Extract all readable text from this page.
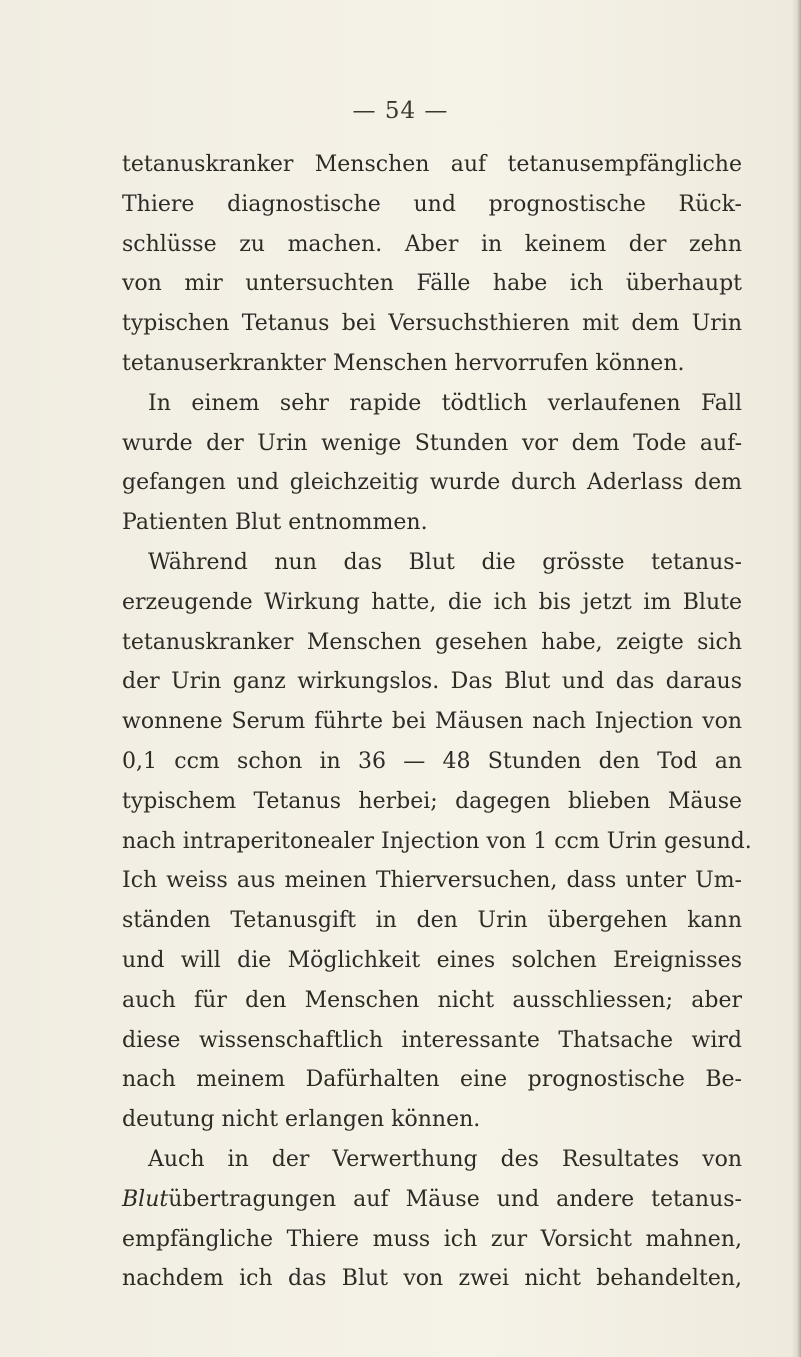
— 54 —
tetanuskranker Menschen auf tetanusempfängliche
Thiere diagnostische und prognostische Rück-
schlüsse zu machen. Aber in keinem der zehn
von mir untersuchten Fälle habe ich überhaupt
typischen Tetanus bei Versuchsthieren mit dem Urin
tetanuserkrankter Menschen hervorrufen können.
In einem sehr rapide tödtlich verlaufenen Fall
wurde der Urin wenige Stunden vor dem Tode auf-
gefangen und gleichzeitig wurde durch Aderlass dem
Patienten Blut entnommen.
Während nun das Blut die grösste tetanus-
erzeugende Wirkung hatte, die ich bis jetzt im Blute
tetanuskranker Menschen gesehen habe, zeigte sich
der Urin ganz wirkungslos. Das Blut und das daraus
wonnene Serum führte bei Mäusen nach Injection von
0,1 ccm schon in 36 — 48 Stunden den Tod an
typischem Tetanus herbei; dagegen blieben Mäuse
nach intraperitonealer Injection von 1 ccm Urin gesund.
Ich weiss aus meinen Thierversuchen, dass unter Um-
ständen Tetanusgift in den Urin übergehen kann
und will die Möglichkeit eines solchen Ereignisses
auch für den Menschen nicht ausschliessen; aber
diese wissenschaftlich interessante Thatsache wird
nach meinem Dafürhalten eine prognostische Be-
deutung nicht erlangen können.
Auch in der Verwerthung des Resultates von
Blutübertragungen auf Mäuse und andere tetanus-
empfängliche Thiere muss ich zur Vorsicht mahnen,
nachdem ich das Blut von zwei nicht behandelten,
